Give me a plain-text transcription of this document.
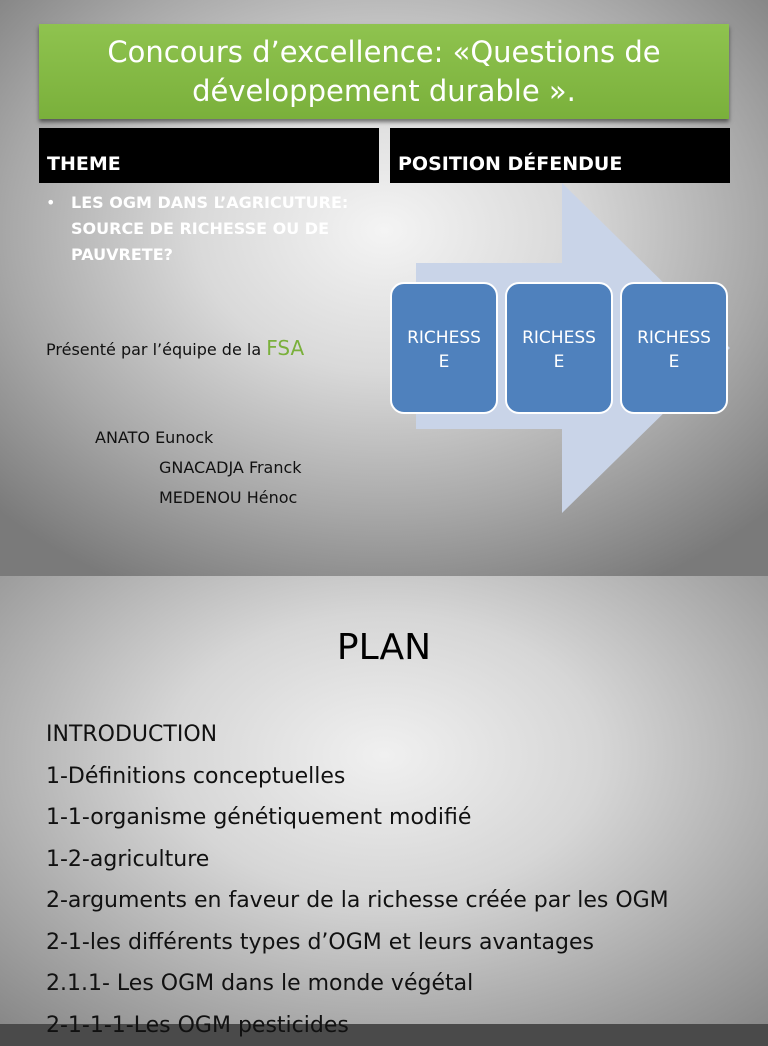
Concours d’excellence: «Questions de
développement durable ».
THEME	POSITION DÉFENDUE
• LES OGM DANS L’AGRICUTURE: SOURCE DE RICHESSE OU DE PAUVRETE?
Présenté par l’équipe de la FSA
ANATO Eunock
GNACADJA Franck
MEDENOU Hénoc
RICHESS
E
RICHESS
E
RICHESS
E
PLAN
INTRODUCTION
1-Définitions conceptuelles
1-1-organisme génétiquement modifié
1-2-agriculture
2-arguments en faveur de la richesse créée par les OGM
2-1-les différents types d’OGM et leurs avantages
2.1.1- Les OGM dans le monde végétal
2-1-1-1-Les OGM pesticides
